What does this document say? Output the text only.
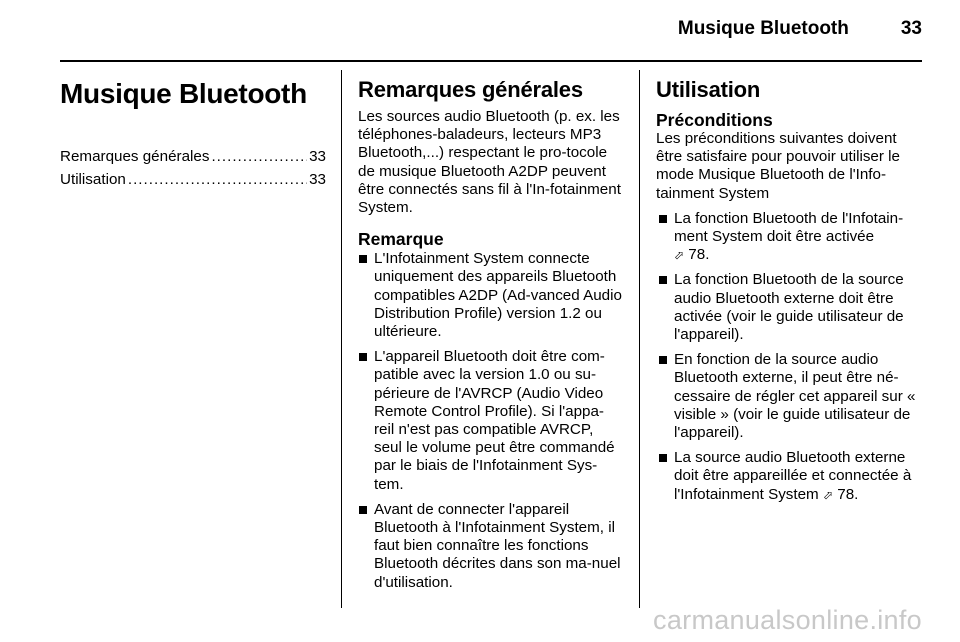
Musique Bluetooth	33
Musique Bluetooth
Remarques générales .....	33
Utilisation .....	33
Remarques générales

Les sources audio Bluetooth (p. ex. les téléphones-baladeurs, lecteurs MP3 Bluetooth,...) respectant le pro-tocole de musique Bluetooth A2DP peuvent être connectés sans fil à l'In-fotainment System.

Remarque
L'Infotainment System connecte uniquement des appareils Bluetooth compatibles A2DP (Ad-vanced Audio Distribution Profile) version 1.2 ou ultérieure.
L'appareil Bluetooth doit être com-patible avec la version 1.0 ou su-périeure de l'AVRCP (Audio Video Remote Control Profile). Si l'appa-reil n'est pas compatible AVRCP, seul le volume peut être commandé par le biais de l'Infotainment Sys-tem.
Avant de connecter l'appareil Bluetooth à l'Infotainment System, il faut bien connaître les fonctions Bluetooth décrites dans son ma-nuel d'utilisation.
Utilisation
Préconditions

Les préconditions suivantes doivent être satisfaire pour pouvoir utiliser le mode Musique Bluetooth de l'Info-tainment System

La fonction Bluetooth de l'Infotain-ment System doit être activée
⬀ 78.
La fonction Bluetooth de la source audio Bluetooth externe doit être activée (voir le guide utilisateur de l'appareil).
En fonction de la source audio Bluetooth externe, il peut être né-cessaire de régler cet appareil sur « visible » (voir le guide utilisateur de l'appareil).
La source audio Bluetooth externe doit être appareillée et connectée à l'Infotainment System ⬀ 78.
carmanualsonline.info
